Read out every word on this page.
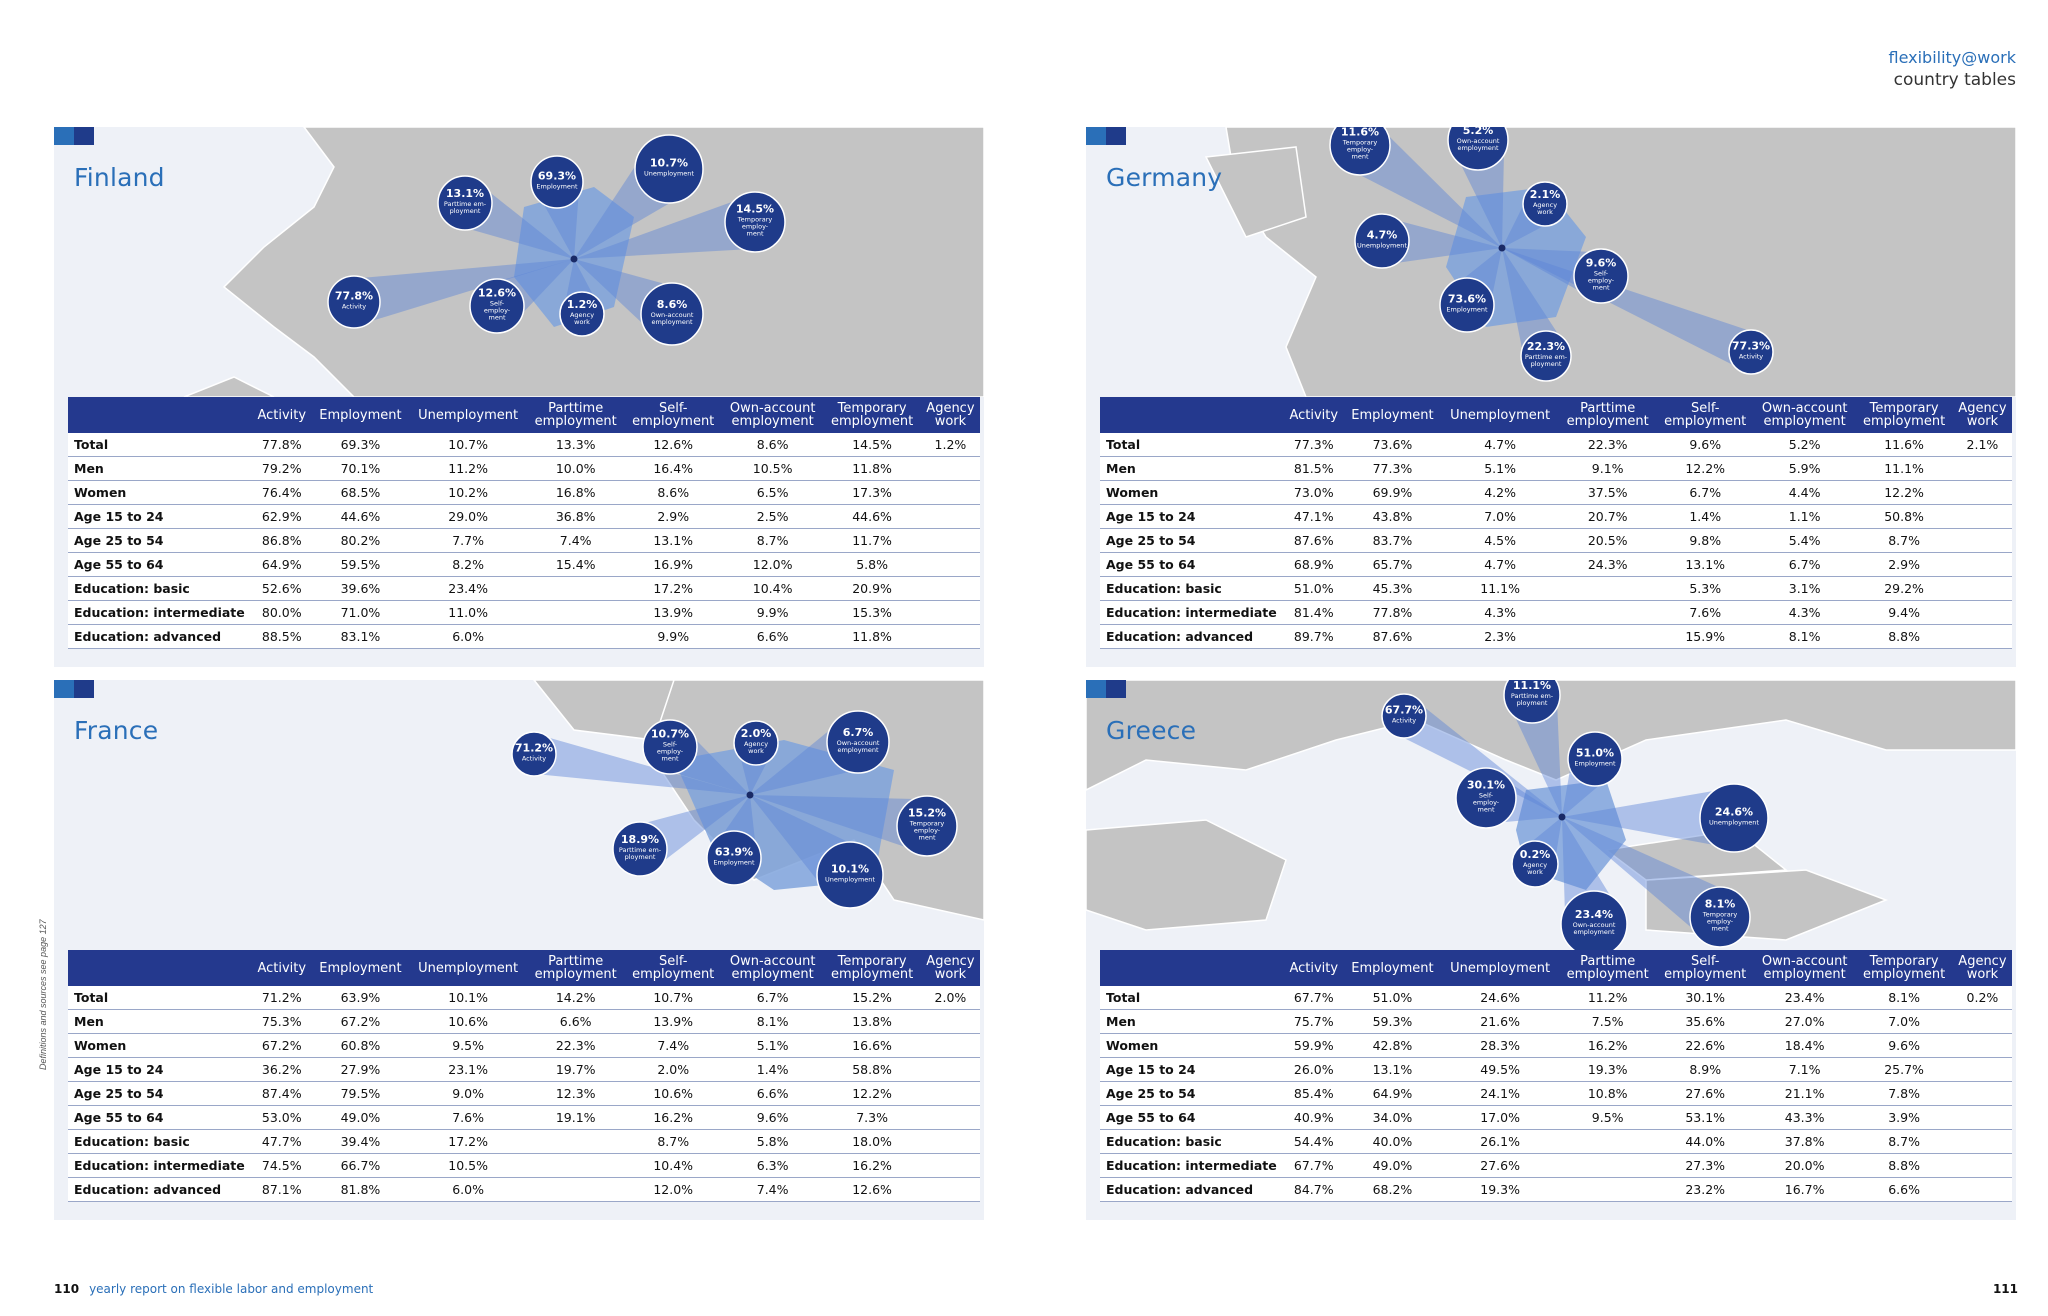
flexibility@work
country tables
77.8%
Activity
69.3%
Employment
10.7%
Unemployment
13.1%
Parttime em-
ployment
12.6%
Self-
employ-
ment
8.6%
Own-account
employment
14.5%
Temporary
employ-
ment
1.2%
Agency
work
Finland
	Activity	Employment	Unemployment	Parttime
employment	Self-
employment	Own-account
employment	Temporary
employment	Agency
work
Total	77.8%	69.3%	10.7%	13.3%	12.6%	8.6%	14.5%	1.2%
Men	79.2%	70.1%	11.2%	10.0%	16.4%	10.5%	11.8%	
Women	76.4%	68.5%	10.2%	16.8%	8.6%	6.5%	17.3%	
Age 15 to 24	62.9%	44.6%	29.0%	36.8%	2.9%	2.5%	44.6%	
Age 25 to 54	86.8%	80.2%	7.7%	7.4%	13.1%	8.7%	11.7%	
Age 55 to 64	64.9%	59.5%	8.2%	15.4%	16.9%	12.0%	5.8%	
Education: basic	52.6%	39.6%	23.4%		17.2%	10.4%	20.9%	
Education: intermediate	80.0%	71.0%	11.0%		13.9%	9.9%	15.3%	
Education: advanced	88.5%	83.1%	6.0%		9.9%	6.6%	11.8%	
77.3%
Activity
73.6%
Employment
4.7%
Unemployment
22.3%
Parttime em-
ployment
9.6%
Self-
employ-
ment
5.2%
Own-account
employment
11.6%
Temporary
employ-
ment
2.1%
Agency
work
Germany
	Activity	Employment	Unemployment	Parttime
employment	Self-
employment	Own-account
employment	Temporary
employment	Agency
work
Total	77.3%	73.6%	4.7%	22.3%	9.6%	5.2%	11.6%	2.1%
Men	81.5%	77.3%	5.1%	9.1%	12.2%	5.9%	11.1%	
Women	73.0%	69.9%	4.2%	37.5%	6.7%	4.4%	12.2%	
Age 15 to 24	47.1%	43.8%	7.0%	20.7%	1.4%	1.1%	50.8%	
Age 25 to 54	87.6%	83.7%	4.5%	20.5%	9.8%	5.4%	8.7%	
Age 55 to 64	68.9%	65.7%	4.7%	24.3%	13.1%	6.7%	2.9%	
Education: basic	51.0%	45.3%	11.1%		5.3%	3.1%	29.2%	
Education: intermediate	81.4%	77.8%	4.3%		7.6%	4.3%	9.4%	
Education: advanced	89.7%	87.6%	2.3%		15.9%	8.1%	8.8%	
71.2%
Activity
63.9%
Employment	10.1%
Unemployment
18.9%
Parttime em-
ployment
10.7%
Self-
employ-
ment
6.7%
Own-account
employment
15.2%
Temporary
employ-
ment
2.0%
Agency
work
France
	Activity	Employment	Unemployment	Parttime
employment	Self-
employment	Own-account
employment	Temporary
employment	Agency
work
Total	71.2%	63.9%	10.1%	14.2%	10.7%	6.7%	15.2%	2.0%
Men	75.3%	67.2%	10.6%	6.6%	13.9%	8.1%	13.8%	
Women	67.2%	60.8%	9.5%	22.3%	7.4%	5.1%	16.6%	
Age 15 to 24	36.2%	27.9%	23.1%	19.7%	2.0%	1.4%	58.8%	
Age 25 to 54	87.4%	79.5%	9.0%	12.3%	10.6%	6.6%	12.2%	
Age 55 to 64	53.0%	49.0%	7.6%	19.1%	16.2%	9.6%	7.3%	
Education: basic	47.7%	39.4%	17.2%		8.7%	5.8%	18.0%	
Education: intermediate	74.5%	66.7%	10.5%		10.4%	6.3%	16.2%	
Education: advanced	87.1%	81.8%	6.0%		12.0%	7.4%	12.6%	
67.7%
Activity
51.0%
Employment
24.6%
Unemployment
11.1%
Parttime em-
ployment
30.1%
Self-
employ-
ment
23.4%
Own-account
employment
8.1%
Temporary
employ-
ment
0.2%
Agency
work
Greece
	Activity	Employment	Unemployment	Parttime
employment	Self-
employment	Own-account
employment	Temporary
employment	Agency
work
Total	67.7%	51.0%	24.6%	11.2%	30.1%	23.4%	8.1%	0.2%
Men	75.7%	59.3%	21.6%	7.5%	35.6%	27.0%	7.0%	
Women	59.9%	42.8%	28.3%	16.2%	22.6%	18.4%	9.6%	
Age 15 to 24	26.0%	13.1%	49.5%	19.3%	8.9%	7.1%	25.7%	
Age 25 to 54	85.4%	64.9%	24.1%	10.8%	27.6%	21.1%	7.8%	
Age 55 to 64	40.9%	34.0%	17.0%	9.5%	53.1%	43.3%	3.9%	
Education: basic	54.4%	40.0%	26.1%		44.0%	37.8%	8.7%	
Education: intermediate	67.7%	49.0%	27.6%		27.3%	20.0%	8.8%	
Education: advanced	84.7%	68.2%	19.3%		23.2%	16.7%	6.6%	
Definitions and sources see page 127
110 yearly report on flexible labor and employment	111
